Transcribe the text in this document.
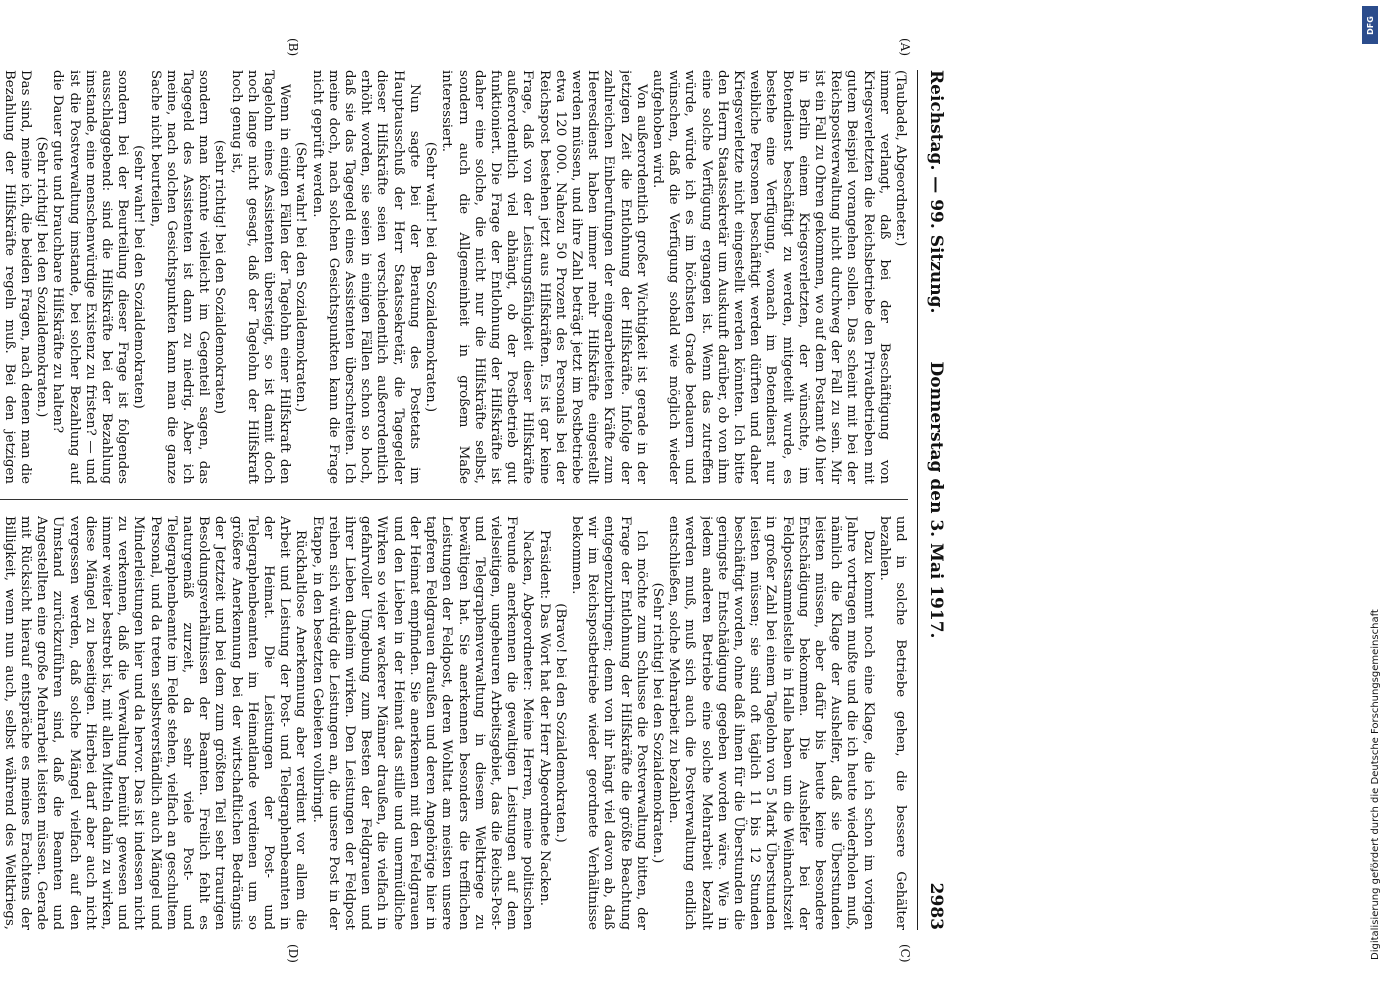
Reichstag. — 99. Sitzung.
Donnerstag den 3. Mai 1917.
2983
(A)
(B)
(C)
(D)

(Taubadel, Abgeordneter.)

immer verlangt, daß bei der Beschäftigung von Kriegsverletzten die Reichsbetriebe den Privatbetrieben mit gutem Beispiel vorangehen sollen. Das scheint mit bei der Reichspostverwaltung nicht durchweg der Fall zu sein. Mir ist ein Fall zu Ohren gekommen, wo auf dem Postamt 40 hier in Berlin einem Kriegsverletzten, der wünschte, im Botendienst beschäftigt zu werden, mitgeteilt wurde, es bestehe eine Verfügung, wonach im Botendienst nur weibliche Personen beschäftigt werden dürften und daher Kriegsverletzte nicht eingestellt werden könnten. Ich bitte den Herrn Staatssekretär um Auskunft darüber, ob von ihm eine solche Verfügung ergangen ist. Wenn das zutreffen würde, würde ich es im höchsten Grade bedauern und wünschen, daß die Verfügung sobald wie möglich wieder aufgehoben wird.

Von außerordentlich großer Wichtigkeit ist gerade in der jetzigen Zeit die Entlohnung der Hilfskräfte. Infolge der zahlreichen Einberufungen der eingearbeiteten Kräfte zum Heeresdienst haben immer mehr Hilfskräfte eingestellt werden müssen, und ihre Zahl beträgt jetzt im Postbetriebe etwa 120 000. Nahezu 50 Prozent des Personals bei der Reichspost bestehen jetzt aus Hilfskräften. Es ist gar keine Frage, daß von der Leistungsfähigkeit dieser Hilfskräfte außerordentlich viel abhängt, ob der Postbetrieb gut funktioniert. Die Frage der Entlohnung der Hilfskräfte ist daher eine solche, die nicht nur die Hilfskräfte selbst, sondern auch die Allgemeinheit in großem Maße interessiert.

(Sehr wahr! bei den Sozialdemokraten.)

Nun sagte bei der Beratung des Postetats im Hauptausschuß der Herr Staatssekretär, die Tagegelder dieser Hilfskräfte seien verschiedentlich außerordentlich erhöht worden, sie seien in einigen Fällen schon so hoch, daß sie das Tagegeld eines Assistenten überschreiten. Ich meine doch, nach solchen Gesichtspunkten kann die Frage nicht geprüft werden.

(Sehr wahr! bei den Sozialdemokraten.)

Wenn in einigen Fällen der Tagelohn einer Hilfskraft den Tagelohn eines Assistenten übersteigt, so ist damit doch noch lange nicht gesagt, daß der Tagelohn der Hilfskraft hoch genug ist,

(sehr richtig! bei den Sozialdemokraten)

sondern man könnte vielleicht im Gegenteil sagen, das Tagegeld des Assistenten ist dann zu niedrig. Aber ich meine, nach solchen Gesichtspunkten kann man die ganze Sache nicht beurteilen,

(sehr wahr! bei den Sozialdemokraten)

sondern bei der Beurteilung dieser Frage ist folgendes ausschlaggebend: sind die Hilfskräfte bei der Bezahlung imstande, eine menschenwürdige Existenz zu fristen? — und ist die Postverwaltung imstande, bei solcher Bezahlung auf die Dauer gute und brauchbare Hilfskräfte zu halten?

(Sehr richtig! bei den Sozialdemokraten.)

Das sind, meine ich, die beiden Fragen, nach denen man die Bezahlung der Hilfskräfte regeln muß. Bei den jetzigen

und in solche Betriebe gehen, die bessere Gehälter bezahlen.

Dazu kommt noch eine Klage, die ich schon im vorigen Jahre vortragen mußte und die ich heute wiederholen muß, nämlich die Klage der Aushelfer, daß sie Überstunden leisten müssen, aber dafür bis heute keine besondere Entschädigung bekommen. Die Aushelfer bei der Feldpostsammelstelle in Halle haben um die Weihnachtszeit in großer Zahl bei einem Tagelohn von 5 Mark Überstunden leisten müssen; sie sind oft täglich 11 bis 12 Stunden beschäftigt worden, ohne daß ihnen für die Überstunden die geringste Entschädigung gegeben worden wäre. Wie in jedem anderen Betriebe eine solche Mehrarbeit bezahlt werden muß, muß sich auch die Postverwaltung endlich entschließen, solche Mehrarbeit zu bezahlen.

(Sehr richtig! bei den Sozialdemokraten.)

Ich möchte zum Schlusse die Postverwaltung bitten, der Frage der Entlohnung der Hilfskräfte die größte Beachtung entgegenzubringen; denn von ihr hängt viel davon ab, daß wir im Reichspostbetriebe wieder geordnete Verhältnisse bekommen.

(Bravo! bei den Sozialdemokraten.)

Präsident: Das Wort hat der Herr Abgeordnete Nacken.

Nacken, Abgeordneter: Meine Herren, meine politischen Freunde anerkennen die gewaltigen Leistungen auf dem vielseitigen, ungeheuren Arbeitsgebiet, das die Reichs-Post- und Telegraphenverwaltung in diesem Weltkriege zu bewältigen hat. Sie anerkennen besonders die trefflichen Leistungen der Feldpost, deren Wohltat am meisten unsere tapferen Feldgrauen draußen und deren Angehörige hier in der Heimat empfinden. Sie anerkennen mit den Feldgrauen und den Lieben in der Heimat das stille und unermüdliche Wirken so vieler wackerer Männer draußen, die vielfach in gefahrvoller Umgebung zum Besten der Feldgrauen und ihrer Lieben daheim wirken. Den Leistungen der Feldpost reihen sich würdig die Leistungen an, die unsere Post in der Etappe, in den besetzten Gebieten vollbringt.

Rückhaltlose Anerkennung aber verdient vor allem die Arbeit und Leistung der Post- und Telegraphenbeamten in der Heimat. Die Leistungen der Post- und Telegraphenbeamten im Heimatlande verdienen um so größere Anerkennung bei der wirtschaftlichen Bedrängnis der Jetztzeit und bei dem zum größten Teil sehr traurigen Besoldungsverhältnissen der Beamten. Freilich fehlt es naturgemäß zurzeit, da sehr viele Post- und Telegraphenbeamte im Felde stehen, vielfach an geschultem Personal, und da treten selbstverständlich auch Mängel und Minderleistungen hier und da hervor. Das ist indessen nicht zu verkennen, daß die Verwaltung bemüht gewesen und immer weiter bestrebt ist, mit allen Mitteln dahin zu wirken, diese Mängel zu beseitigen. Hierbei darf aber auch nicht vergessen werden, daß solche Mängel vielfach auf den Umstand zurückzuführen sind, daß die Beamten und Angestellten eine große Mehrarbeit leisten müssen. Gerade mit Rücksicht hierauf entspräche es meines Erachtens der Billigkeit, wenn nun auch, selbst während des Weltkriegs,

DFG
Digitalisierung gefördert durch die Deutsche Forschungsgemeinschaft
